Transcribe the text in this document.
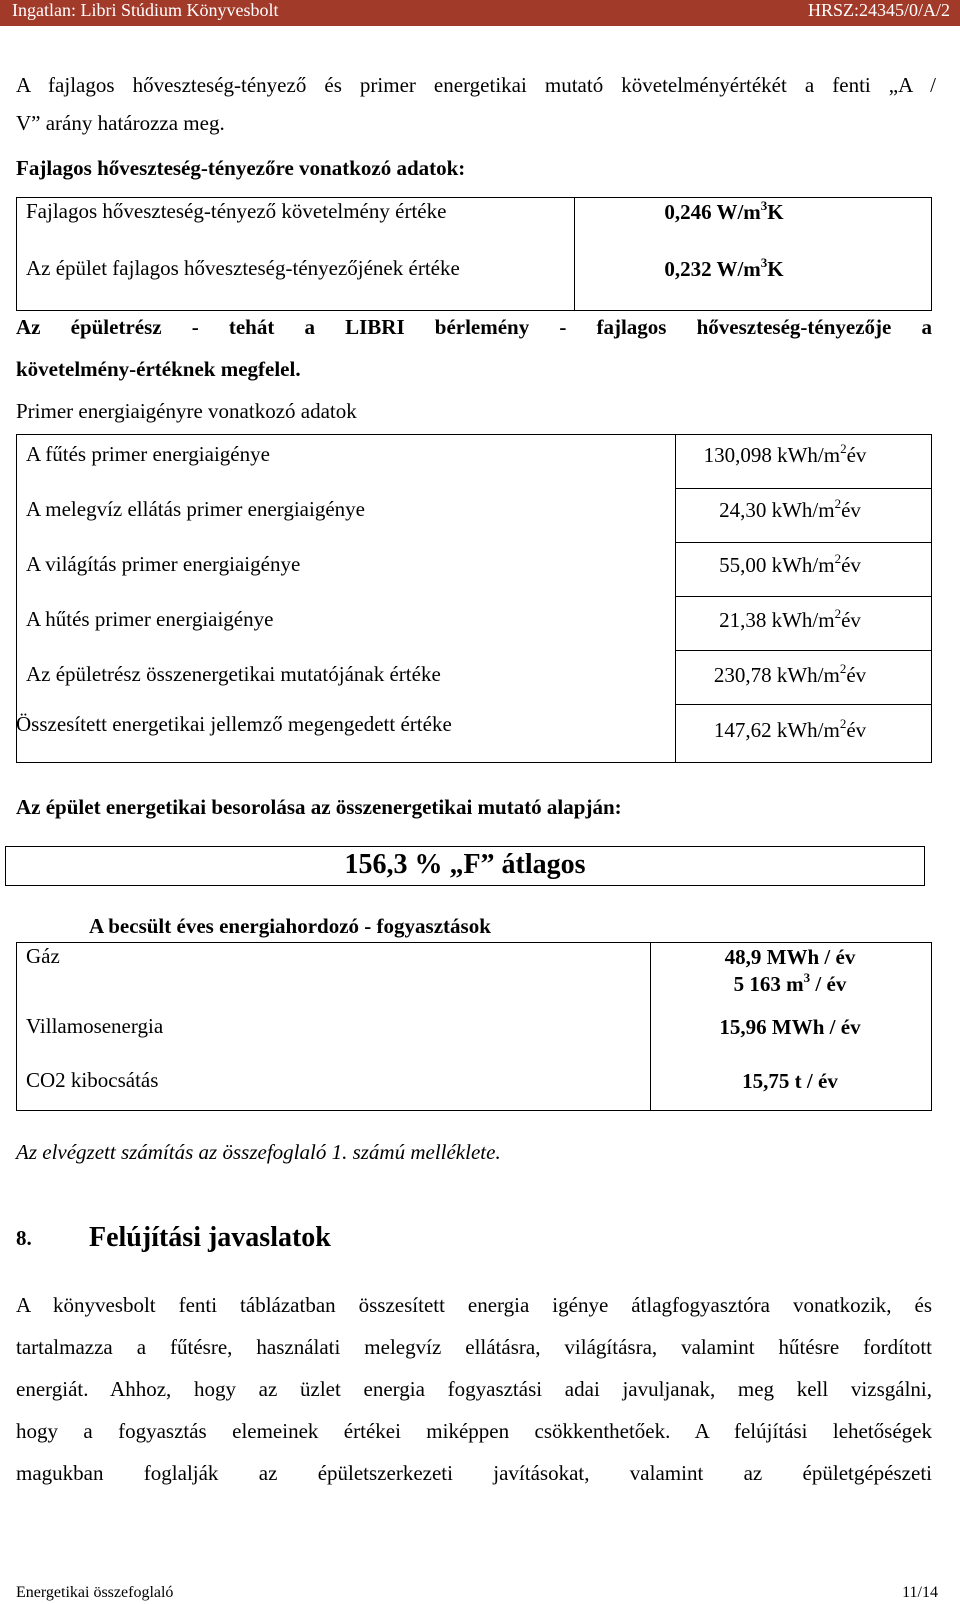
Ingatlan: Libri Stúdium Könyvesbolt	HRSZ:24345/0/A/2
A fajlagos hőveszteség-tényező és primer energetikai mutató követelményértékét a fenti „A /
V” arány határozza meg.
Fajlagos hőveszteség-tényezőre vonatkozó adatok:
Fajlagos hőveszteség-tényező követelmény értéke	0,246 $W/m^3K$
Az épület fajlagos hőveszteség-tényezőjének értéke	0,232 $W/m^3K$
Az épületrész - tehát a LIBRI bérlemény - fajlagos hőveszteség-tényezője a
követelmény-értéknek megfelel.
Primer energiaigényre vonatkozó adatok
A fűtés primer energiaigénye	130,098 kWh/$m^2év$
A melegvíz ellátás primer energiaigénye	24,30 kWh/$m^2év$
A világítás primer energiaigénye	55,00 kWh/$m^2év$
A hűtés primer energiaigénye	21,38 kWh/$m^2év$
Az épületrész összenergetikai mutatójának értéke	230,78 kWh/$m^2év$
Összesített energetikai jellemző megengedett értéke	147,62 kWh/$m^2év$
Az épület energetikai besorolása az összenergetikai mutató alapján:
156,3 % „F” átlagos
A becsült éves energiahordozó - fogyasztások
Gáz	48,9 MWh / év
5 163 $m^3$ / év
Villamosenergia	15,96 MWh / év
CO2 kibocsátás	15,75 t / év
Az elvégzett számítás az összefoglaló 1. számú melléklete.
8. Felújítási javaslatok
A könyvesbolt fenti táblázatban összesített energia igénye átlagfogyasztóra vonatkozik, és
tartalmazza a fűtésre, használati melegvíz ellátásra, világításra, valamint hűtésre fordított
energiát. Ahhoz, hogy az üzlet energia fogyasztási adai javuljanak, meg kell vizsgálni,
hogy a fogyasztás elemeinek értékei miképpen csökkenthetőek. A felújítási lehetőségek
magukban foglalják az épületszerkezeti javításokat, valamint az épületgépészeti
Energetikai összefoglaló	11/14
